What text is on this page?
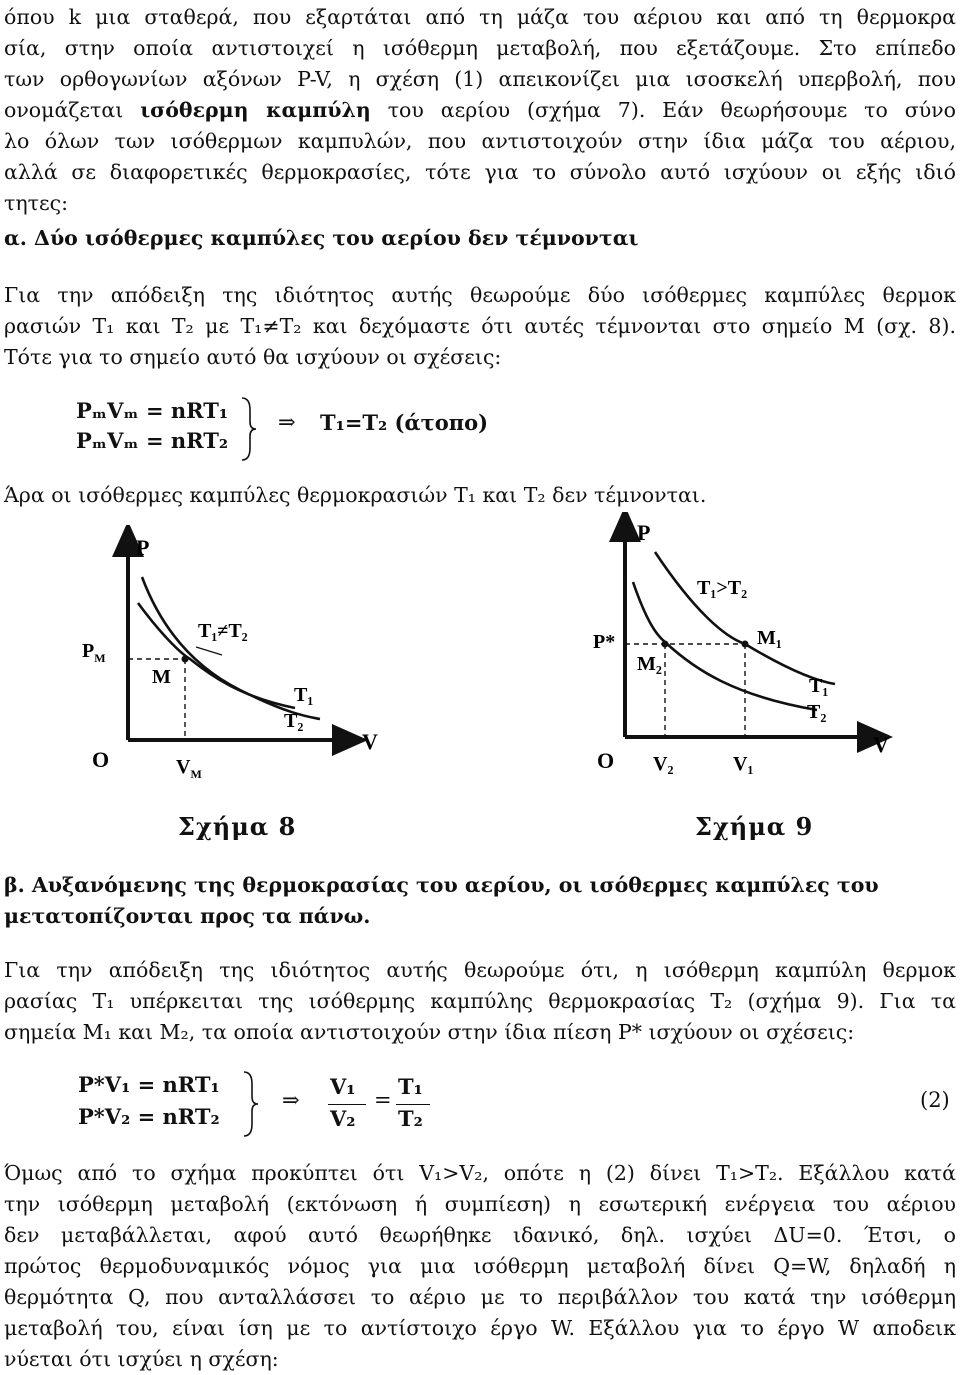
όπου k μια σταθερά, που εξαρτάται από τη μάζα του αέριου και από τη θερμοκρα
σία, στην οποία αντιστοιχεί η ισόθερμη μεταβολή, που εξετάζουμε. Στο επίπεδο
των ορθογωνίων αξόνων P-V, η σχέση (1) απεικονίζει μια ισοσκελή υπερβολή, που
ονομάζεται ισόθερμη καμπύλη του αερίου (σχήμα 7). Εάν θεωρήσουμε το σύνο
λο όλων των ισόθερμων καμπυλών, που αντιστοιχούν στην ίδια μάζα του αέριου,
αλλά σε διαφορετικές θερμοκρασίες, τότε για το σύνολο αυτό ισχύουν οι εξής ιδιό
τητες:
α. Δύο ισόθερμες καμπύλες του αερίου δεν τέμνονται
Για την απόδειξη της ιδιότητος αυτής θεωρούμε δύο ισόθερμες καμπύλες θερμοκ
ρασιών T₁ και T₂ με T₁≠T₂ και δεχόμαστε ότι αυτές τέμνονται στο σημείο Μ (σχ. 8).
Τότε για το σημείο αυτό θα ισχύουν οι σχέσεις:
PₘVₘ = nRT₁
PₘVₘ = nRT₂
⇒ T₁=T₂ (άτοπο)
Άρα οι ισόθερμες καμπύλες θερμοκρασιών T₁ και T₂ δεν τέμνονται.
P
V
O
$P_M$
$V_M$
M
T₁≠T₂
T₁
T₂
P
V
O
P*
V₂	V₁
M₁
M₂
T₁>T₂
T₁
T₂
Σχήμα 8	Σχήμα 9
β. Αυξανόμενης της θερμοκρασίας του αερίου, οι ισόθερμες καμπύλες του
μετατοπίζονται προς τα πάνω.
Για την απόδειξη της ιδιότητος αυτής θεωρούμε ότι, η ισόθερμη καμπύλη θερμοκ
ρασίας T₁ υπέρκειται της ισόθερμης καμπύλης θερμοκρασίας T₂ (σχήμα 9). Για τα
σημεία M₁ και M₂, τα οποία αντιστοιχούν στην ίδια πίεση P* ισχύουν οι σχέσεις:
P*V₁ = nRT₁
P*V₂ = nRT₂
⇒
V₁
V₂
=
T₁
T₂
(2)
Όμως από το σχήμα προκύπτει ότι V₁>V₂, οπότε η (2) δίνει T₁>T₂. Εξάλλου κατά
την ισόθερμη μεταβολή (εκτόνωση ή συμπίεση) η εσωτερική ενέργεια του αέριου
δεν μεταβάλλεται, αφού αυτό θεωρήθηκε ιδανικό, δηλ. ισχύει ΔU=0. Έτσι, ο
πρώτος θερμοδυναμικός νόμος για μια ισόθερμη μεταβολή δίνει Q=W, δηλαδή η
θερμότητα Q, που ανταλλάσσει το αέριο με το περιβάλλον του κατά την ισόθερμη
μεταβολή του, είναι ίση με το αντίστοιχο έργο W. Εξάλλου για το έργο W αποδεικ
νύεται ότι ισχύει η σχέση:
